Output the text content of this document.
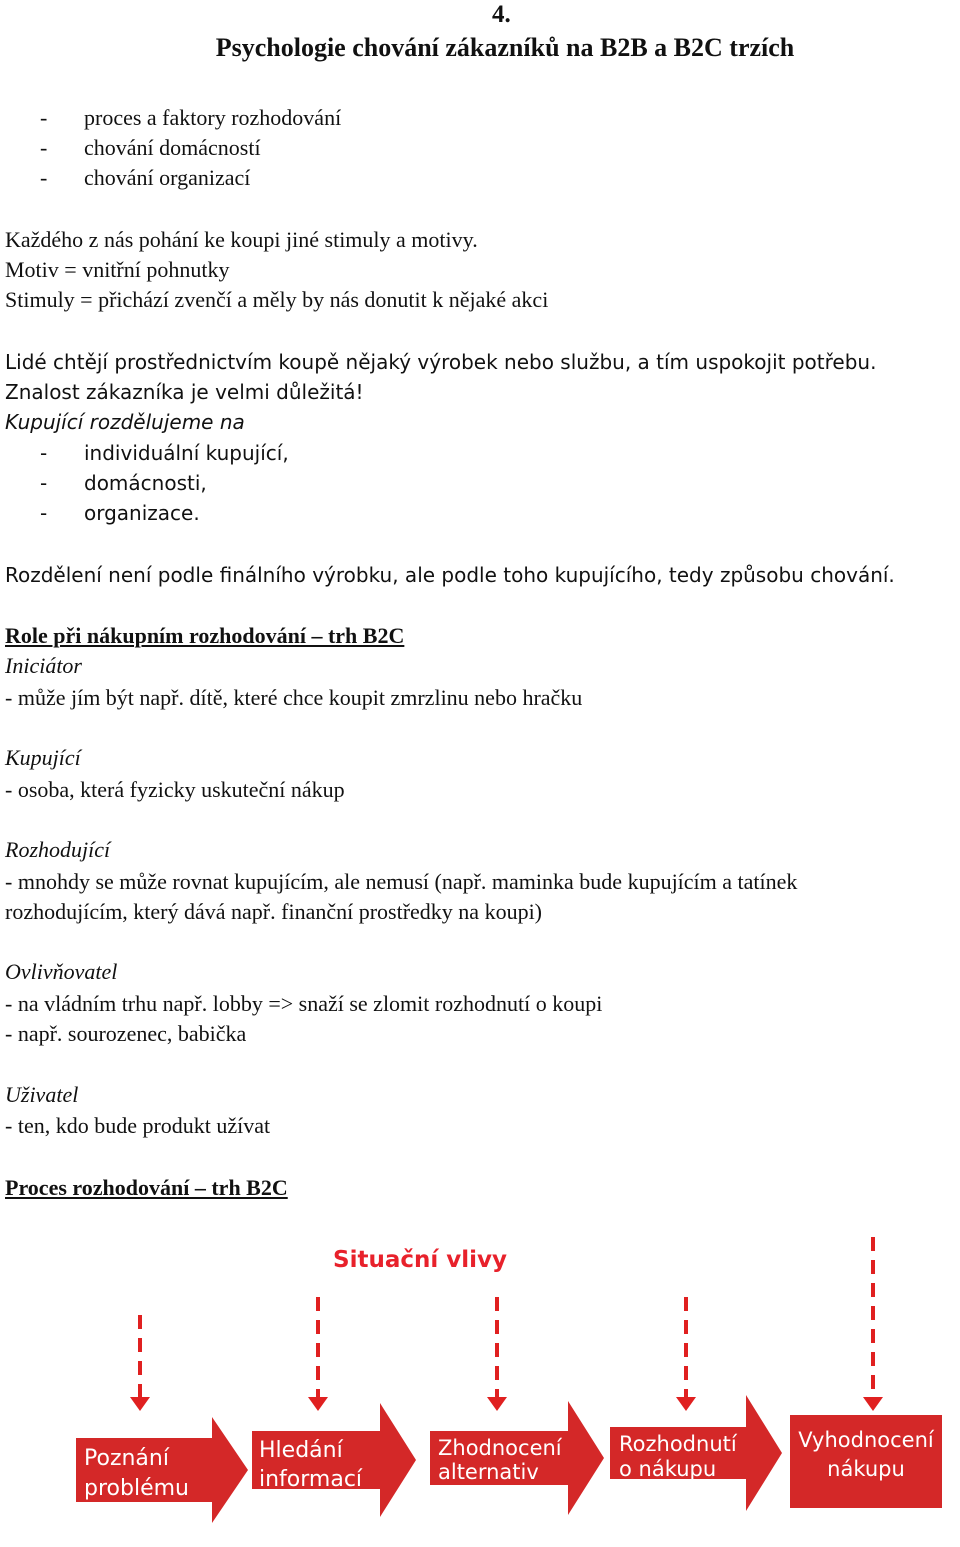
4.
Psychologie chování zákazníků na B2B a B2C trzích
- proces a faktory rozhodování
- chování domácností
- chování organizací
Každého z nás pohání ke koupi jiné stimuly a motivy.
Motiv = vnitřní pohnutky
Stimuly = přichází zvenčí a měly by nás donutit k nějaké akci
Lidé chtějí prostřednictvím koupě nějaký výrobek nebo službu, a tím uspokojit potřebu.
Znalost zákazníka je velmi důležitá!
Kupující rozdělujeme na
- individuální kupující,
- domácnosti,
- organizace.
Rozdělení není podle finálního výrobku, ale podle toho kupujícího, tedy způsobu chování.
Role při nákupním rozhodování – trh B2C
Iniciátor
- může jím být např. dítě, které chce koupit zmrzlinu nebo hračku
Kupující
- osoba, která fyzicky uskuteční nákup
Rozhodující
- mnohdy se může rovnat kupujícím, ale nemusí (např. maminka bude kupujícím a tatínek
rozhodujícím, který dává např. finanční prostředky na koupi)
Ovlivňovatel
- na vládním trhu např. lobby => snaží se zlomit rozhodnutí o koupi
- např. sourozenec, babička
Uživatel
- ten, kdo bude produkt užívat
Proces rozhodování – trh B2C
Situační vlivy
Poznání
problému
Hledání
informací
Zhodnocení
alternativ
Rozhodnutí
o nákupu
Vyhodnocení
nákupu
